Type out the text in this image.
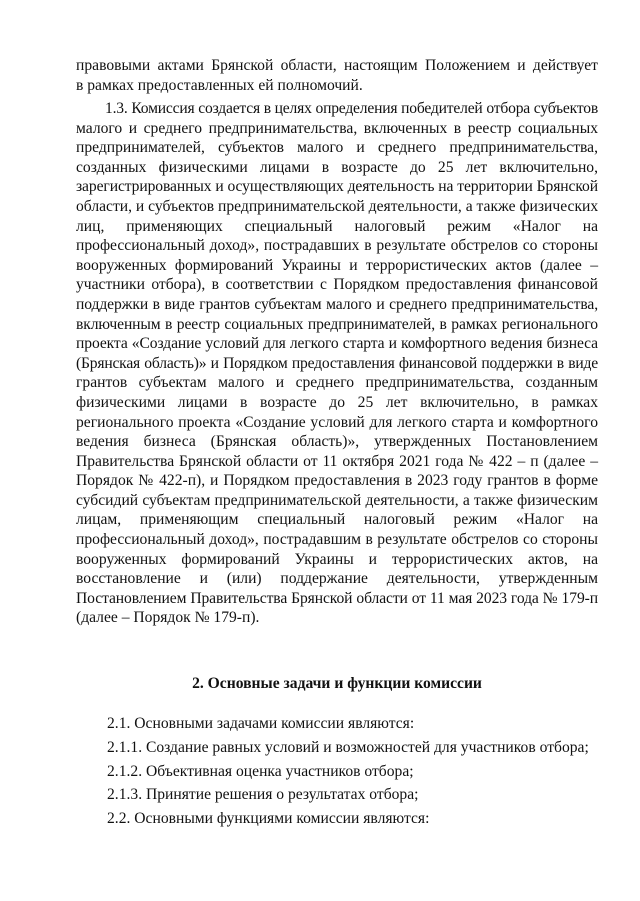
правовыми актами Брянской области, настоящим Положением и действует
в рамках предоставленных ей полномочий.
1.3. Комиссия создается в целях определения победителей отбора субъектов
малого и среднего предпринимательства, включенных в реестр социальных
предпринимателей, субъектов малого и среднего предпринимательства,
созданных физическими лицами в возрасте до 25 лет включительно,
зарегистрированных и осуществляющих деятельность на территории Брянской
области, и субъектов предпринимательской деятельности, а также физических
лиц, применяющих специальный налоговый режим «Налог на
профессиональный доход», пострадавших в результате обстрелов со стороны
вооруженных формирований Украины и террористических актов (далее –
участники отбора), в соответствии с Порядком предоставления финансовой
поддержки в виде грантов субъектам малого и среднего предпринимательства,
включенным в реестр социальных предпринимателей, в рамках регионального
проекта «Создание условий для легкого старта и комфортного ведения бизнеса
(Брянская область)» и Порядком предоставления финансовой поддержки в виде
грантов субъектам малого и среднего предпринимательства, созданным
физическими лицами в возрасте до 25 лет включительно, в рамках
регионального проекта «Создание условий для легкого старта и комфортного
ведения бизнеса (Брянская область)», утвержденных Постановлением
Правительства Брянской области от 11 октября 2021 года № 422 – п (далее –
Порядок № 422-п), и Порядком предоставления в 2023 году грантов в форме
субсидий субъектам предпринимательской деятельности, а также физическим
лицам, применяющим специальный налоговый режим «Налог на
профессиональный доход», пострадавшим в результате обстрелов со стороны
вооруженных формирований Украины и террористических актов, на
восстановление и (или) поддержание деятельности, утвержденным
Постановлением Правительства Брянской области от 11 мая 2023 года № 179-п
(далее – Порядок № 179-п).
2. Основные задачи и функции комиссии
2.1. Основными задачами комиссии являются:
2.1.1. Создание равных условий и возможностей для участников отбора;
2.1.2. Объективная оценка участников отбора;
2.1.3. Принятие решения о результатах отбора;
2.2. Основными функциями комиссии являются:
